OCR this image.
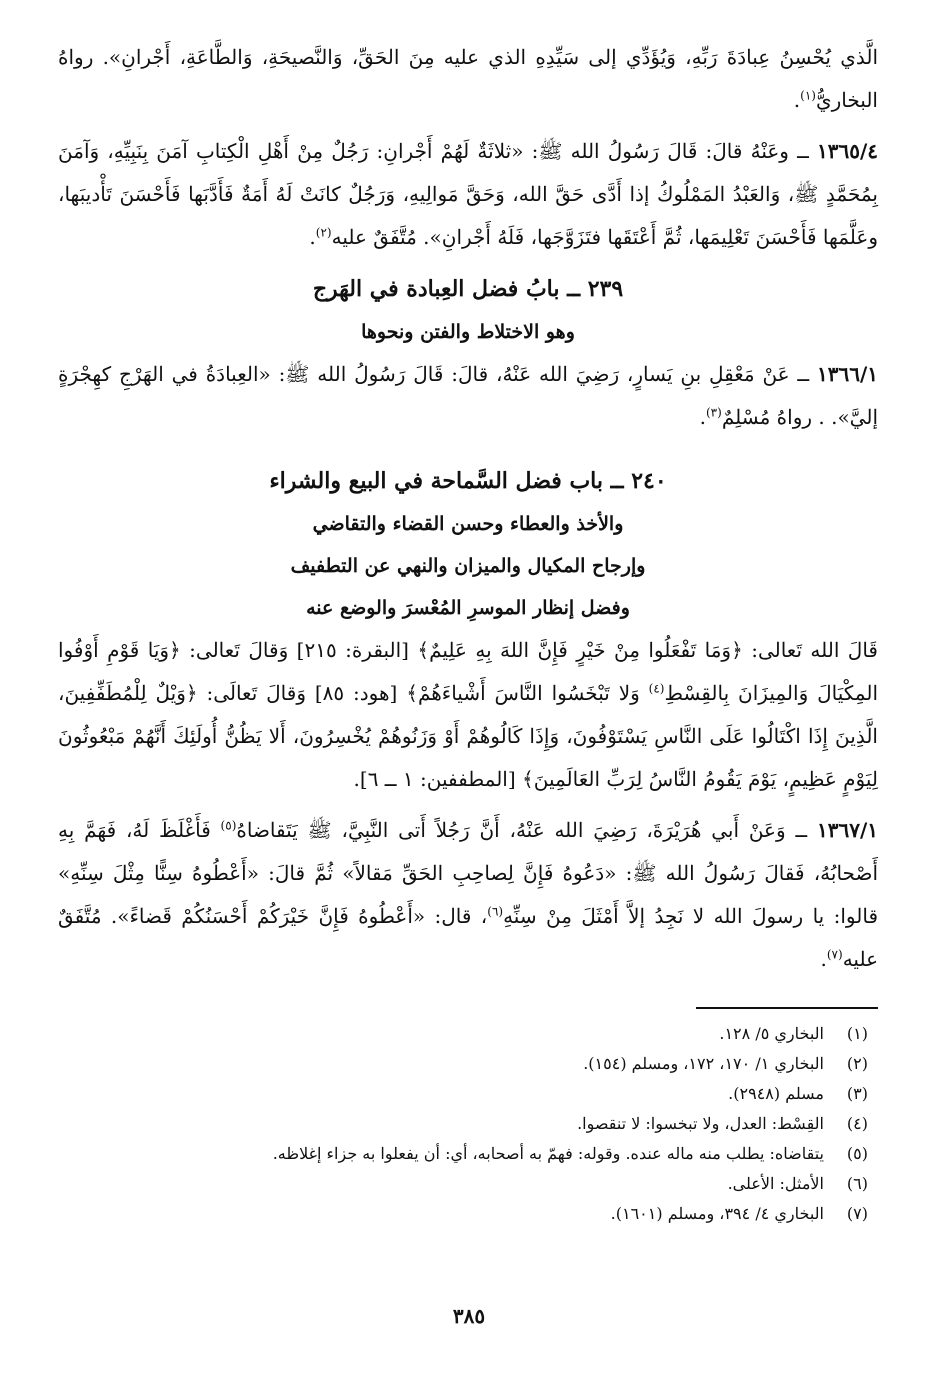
الَّذي يُحْسِنُ عِبادَةَ رَبِّهِ، وَيُؤَدِّي إلى سَيِّدِهِ الذي عليه مِنَ الحَقِّ، وَالنَّصيحَةِ، وَالطَّاعَةِ، أَجْرانِ». رواهُ البخاريُّ$^{(١)}$.

١٣٦٥/٤ ــ وعَنْهُ قالَ: قَالَ رَسُولُ الله ﷺ: «ثلاثَةٌ لَهُمْ أَجْرانِ: رَجُلٌ مِنْ أَهْلِ الْكِتابِ آمَنَ بِنَبِيِّهِ، وَآمَنَ بِمُحَمَّدٍ ﷺ، وَالعَبْدُ المَمْلُوكُ إذا أَدَّى حَقَّ الله، وَحَقَّ مَوالِيهِ، وَرَجُلٌ كانَتْ لَهُ أَمَةٌ فَأَدَّبَها فَأَحْسَنَ تَأْديبَها، وعَلَّمَها فَأَحْسَنَ تَعْلِيمَها، ثُمَّ أَعْتَقَها فتَزَوَّجَها، فَلَهُ أَجْرانِ». مُتَّفَقٌ عليه$^{(٢)}$.

٢٣٩ ــ بابُ فضل العِبادة في الهَرج

وهو الاختلاط والفتن ونحوها

١٣٦٦/١ ــ عَنْ مَعْقِلِ بنِ يَسارٍ، رَضِيَ الله عَنْهُ، قالَ: قَالَ رَسُولُ الله ﷺ: «العِبادَةُ في الهَرْجِ كهِجْرَةٍ إليَّ». . رواهُ مُسْلِمٌ$^{(٣)}$.

٢٤٠ ــ باب فضل السَّماحة في البيع والشراء

والأخذ والعطاء وحسن القضاء والتقاضي

وإرجاح المكيال والميزان والنهي عن التطفيف

وفضل إنظار الموسرِ المُعْسرَ والوضع عنه

قَالَ الله تَعالى: ﴿وَمَا تَفْعَلُوا مِنْ خَيْرٍ فَإِنَّ اللهَ بِهِ عَلِيمٌ﴾ [البقرة: ٢١٥] وَقالَ تَعالى: ﴿وَيَا قَوْمِ أَوْفُوا المِكْيَالَ وَالمِيزَانَ بِالقِسْطِ$^{(٤)}$ وَلا تَبْخَسُوا النَّاسَ أَشْياءَهُمْ﴾ [هود: ٨٥] وَقالَ تَعالَى: ﴿وَيْلٌ لِلْمُطَفِّفِينَ، الَّذِينَ إِذَا اكْتَالُوا عَلَى النَّاسِ يَسْتَوْفُونَ، وَإِذَا كَالُوهُمْ أَوْ وَزَنُوهُمْ يُخْسِرُونَ، أَلا يَظُنُّ أُولَئِكَ أَنَّهُمْ مَبْعُوثُونَ لِيَوْمٍ عَظِيمٍ، يَوْمَ يَقُومُ النَّاسُ لِرَبِّ العَالَمِينَ﴾ [المطففين: ١ ــ ٦].

١٣٦٧/١ ــ وَعَنْ أَبي هُرَيْرَةَ، رَضِيَ الله عَنْهُ، أَنَّ رَجُلاً أَتى النَّبِيَّ، ﷺ يَتَقاضاهُ$^{(٥)}$ فَأَغْلَظَ لَهُ، فَهَمَّ بِهِ أَصْحابُهُ، فَقالَ رَسُولُ الله ﷺ: «دَعُوهُ فَإِنَّ لِصاحِبِ الحَقِّ مَقالاً» ثُمَّ قالَ: «أَعْطُوهُ سِنًّا مِثْلَ سِنِّهِ» قالوا: يا رسولَ الله لا نَجِدُ إلاَّ أَمْثَلَ مِنْ سِنِّهِ$^{(٦)}$، قال: «أَعْطُوهُ فَإِنَّ خَيْرَكُمْ أَحْسَنُكُمْ قَضاءً». مُتَّفَقٌ عليه$^{(٧)}$.

(١)
البخاري ٥/ ١٢٨.

(٢)
البخاري ١/ ١٧٠، ١٧٢، ومسلم (١٥٤).

(٣)
مسلم (٢٩٤٨).

(٤)
القِسْط: العدل، ولا تبخسوا: لا تنقصوا.

(٥)
يتقاضاه: يطلب منه ماله عنده. وقوله: فهمّ به أصحابه، أي: أن يفعلوا به جزاء إغلاظه.

(٦)
الأمثل: الأعلى.

(٧)
البخاري ٤/ ٣٩٤، ومسلم (١٦٠١).

٣٨٥
